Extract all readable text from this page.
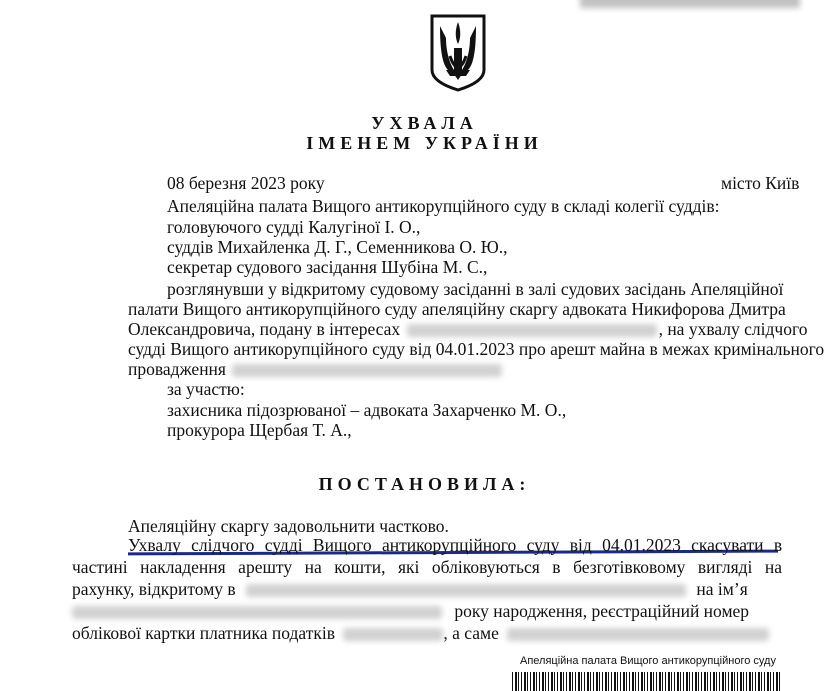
УХВАЛА
ІМЕНЕМ УКРАЇНИ
08 березня 2023 року	місто Київ
Апеляційна палата Вищого антикорупційного суду в складі колегії суддів:
головуючого судді Калугіної І. О.,
суддів Михайленка Д. Г., Семенникова О. Ю.,
секретар судового засідання Шубіна М. С.,
розглянувши у відкритому судовому засіданні в залі судових засідань Апеляційної
палати Вищого антикорупційного суду апеляційну скаргу адвоката Никифорова Дмитра
Олександровича, подану в інтересах	, на ухвалу слідчого
судді Вищого антикорупційного суду від 04.01.2023 про арешт майна в межах кримінального
провадження
за участю:
захисника підозрюваної – адвоката Захарченко М. О.,
прокурора Щербая Т. А.,
ПОСТАНОВИЛА:
Апеляційну скаргу задовольнити частково.
Ухвалу слідчого судді Вищого антикорупційного суду від 04.01.2023 скасувати в
частині накладення арешту на кошти, які обліковуються в безготівковому вигляді на
рахунку, відкритому в	на ім’я
року народження, реєстраційний номер
облікової картки платника податків	, а саме
Апеляційна палата Вищого антикорупційного суду
